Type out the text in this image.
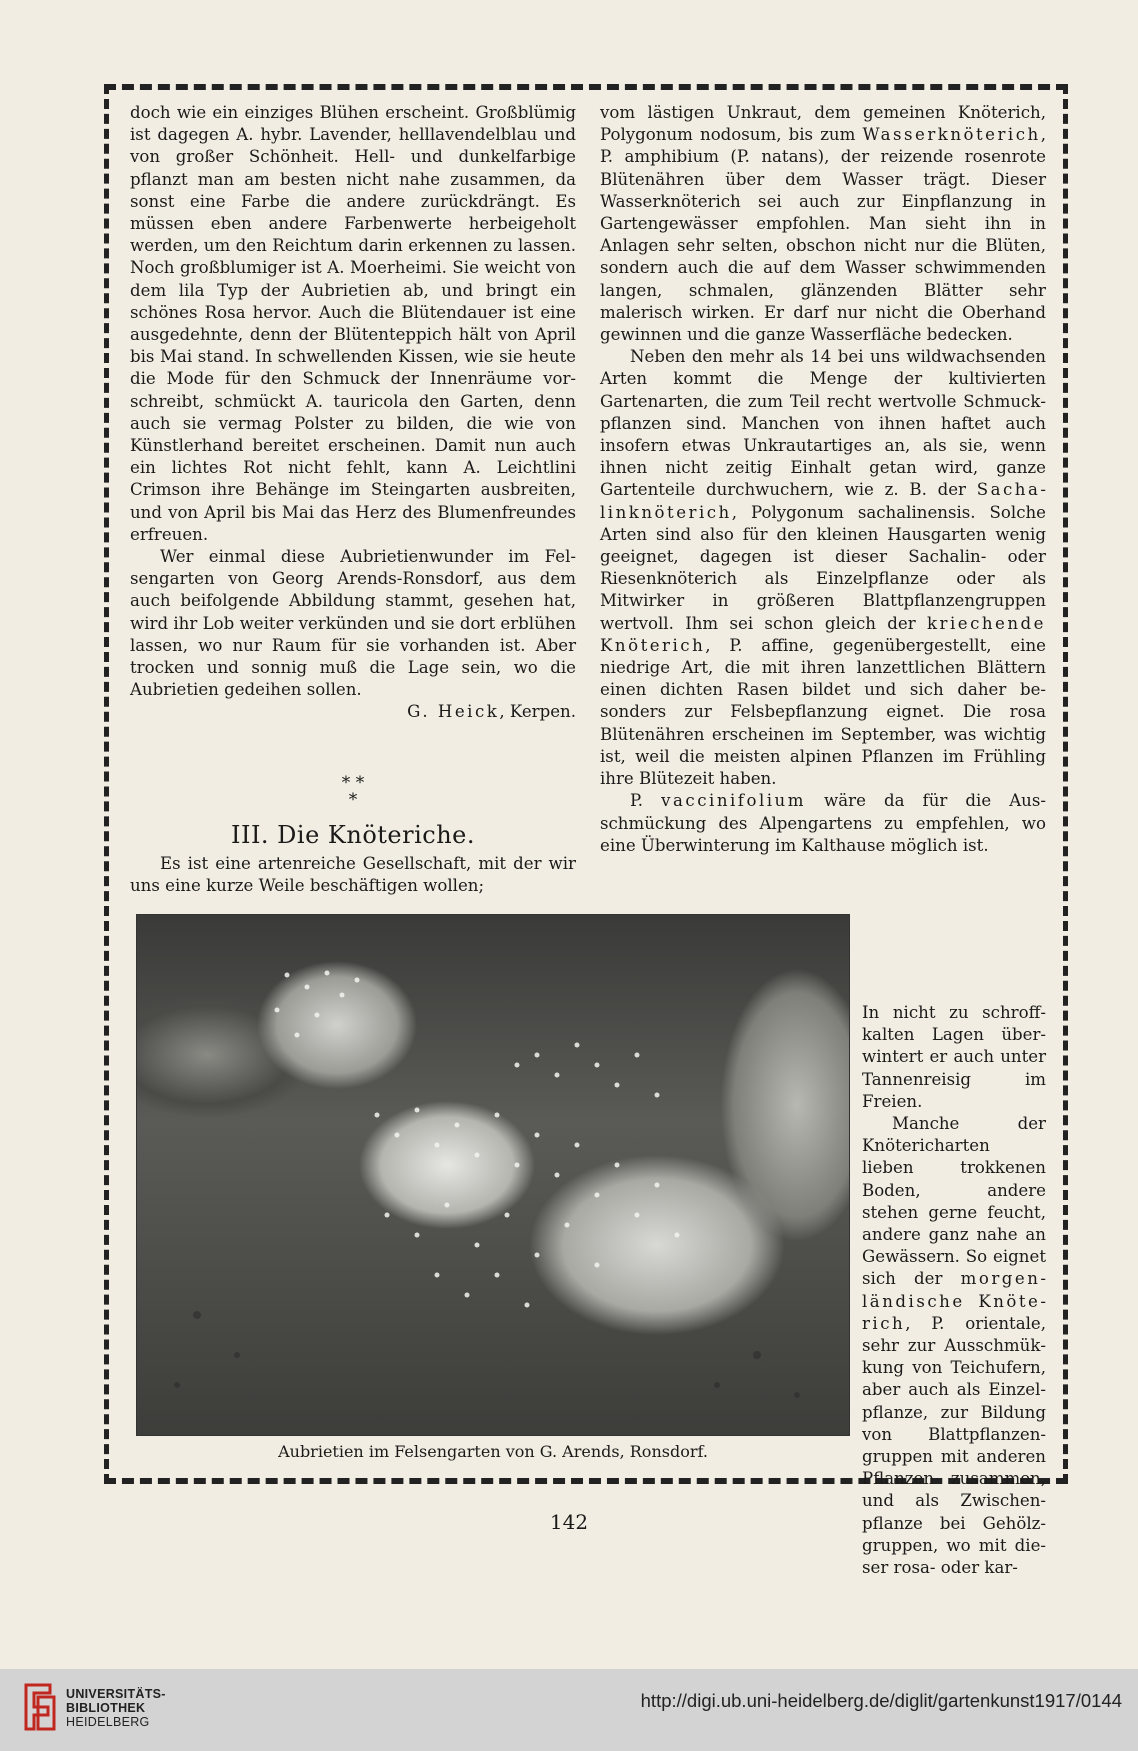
doch wie ein einziges Blühen erscheint. Großblümig ist dagegen A. hybr. Lavender, helllavendelblau und von großer Schönheit. Hell- und dunkelfarbige pflanzt man am besten nicht nahe zusammen, da sonst eine Farbe die andere zurückdrängt. Es müssen eben andere Farbenwerte herbeigeholt werden, um den Reichtum darin erkennen zu lassen. Noch großblumiger ist A. Moerheimi. Sie weicht von dem lila Typ der Aubrietien ab, und bringt ein schönes Rosa hervor. Auch die Blütendauer ist eine ausgedehnte, denn der Blütenteppich hält von April bis Mai stand. In schwellenden Kissen, wie sie heute die Mode für den Schmuck der Innenräume vorschreibt, schmückt A. tauricola den Garten, denn auch sie vermag Polster zu bilden, die wie von Künstlerhand bereitet erscheinen. Damit nun auch ein lichtes Rot nicht fehlt, kann A. Leichtlini Crimson ihre Behänge im Steingarten ausbreiten, und von April bis Mai das Herz des Blumenfreundes erfreuen.

Wer einmal diese Aubrietienwunder im Felsengarten von Georg Arends-Ronsdorf, aus dem auch beifolgende Abbildung stammt, gesehen hat, wird ihr Lob weiter verkünden und sie dort erblühen lassen, wo nur Raum für sie vorhanden ist. Aber trocken und sonnig muß die Lage sein, wo die Aubrietien gedeihen sollen.

G. Heick, Kerpen.

* *
*
III. Die Knöteriche.

Es ist eine artenreiche Gesellschaft, mit der wir uns eine kurze Weile beschäftigen wollen;

vom lästigen Unkraut, dem gemeinen Knöterich, Polygonum nodosum, bis zum Wasserknöterich, P. amphibium (P. natans), der reizende rosenrote Blütenähren über dem Wasser trägt. Dieser Wasserknöterich sei auch zur Einpflanzung in Gartengewässer empfohlen. Man sieht ihn in Anlagen sehr selten, obschon nicht nur die Blüten, sondern auch die auf dem Wasser schwimmenden langen, schmalen, glänzenden Blätter sehr malerisch wirken. Er darf nur nicht die Oberhand gewinnen und die ganze Wasserfläche bedecken.

Neben den mehr als 14 bei uns wildwachsenden Arten kommt die Menge der kultivierten Gartenarten, die zum Teil recht wertvolle Schmuckpflanzen sind. Manchen von ihnen haftet auch insofern etwas Unkrautartiges an, als sie, wenn ihnen nicht zeitig Einhalt getan wird, ganze Gartenteile durchwuchern, wie z. B. der Sachalinknöterich, Polygonum sachalinensis. Solche Arten sind also für den kleinen Hausgarten wenig geeignet, dagegen ist dieser Sachalin- oder Riesenknöterich als Einzelpflanze oder als Mitwirker in größeren Blattpflanzengruppen wertvoll. Ihm sei schon gleich der kriechende Knöterich, P. affine, gegenübergestellt, eine niedrige Art, die mit ihren lanzettlichen Blättern einen dichten Rasen bildet und sich daher besonders zur Felsbepflanzung eignet. Die rosa Blütenähren erscheinen im September, was wichtig ist, weil die meisten alpinen Pflanzen im Frühling ihre Blütezeit haben.

P. vaccinifolium wäre da für die Ausschmückung des Alpengartens zu empfehlen, wo eine Überwinterung im Kalthause möglich ist.

In nicht zu schroffkalten Lagen überwintert er auch unter Tannenreisig im Freien.

Manche der Knötericharten lieben trokkenen Boden, andere stehen gerne feucht, andere ganz nahe an Gewässern. So eignet sich der morgenländische Knöterich, P. orientale, sehr zur Ausschmükkung von Teichufern, aber auch als Einzelpflanze, zur Bildung von Blattpflanzengruppen mit anderen Pflanzen zusammen, und als Zwischenpflanze bei Gehölzgruppen, wo mit dieser rosa- oder kar-

Aubrietien im Felsengarten von G. Arends, Ronsdorf.
142
UNIVERSITÄTS-
BIBLIOTHEK
HEIDELBERG
http://digi.ub.uni-heidelberg.de/diglit/gartenkunst1917/0144
